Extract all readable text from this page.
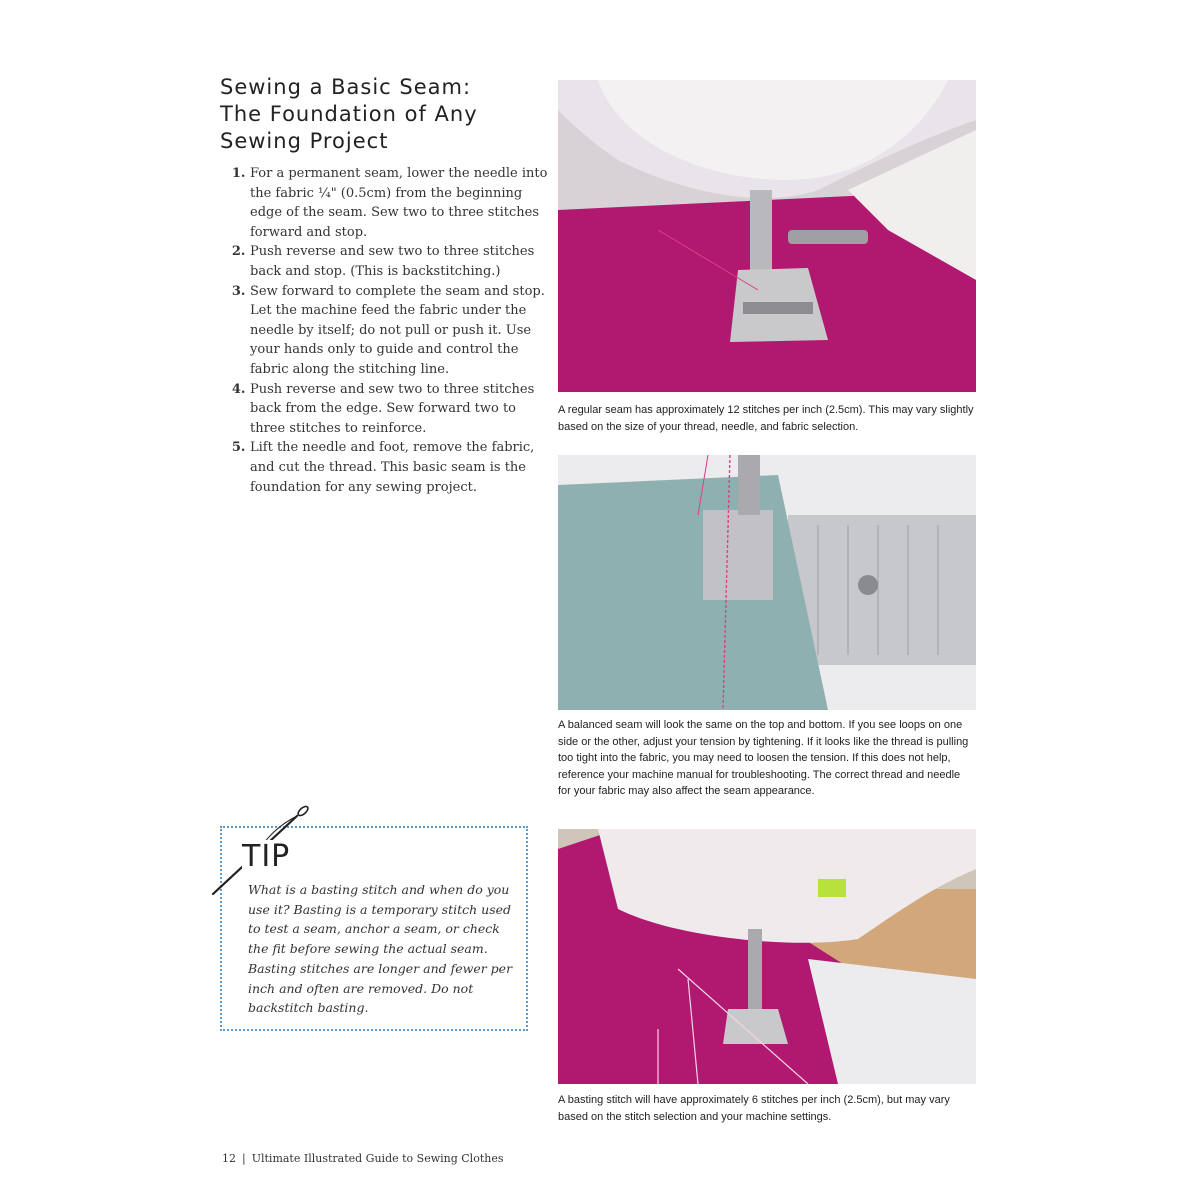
Sewing a Basic Seam:
The Foundation of Any
Sewing Project
1. For a permanent seam, lower the needle into the fabric ¼" (0.5cm) from the beginning edge of the seam. Sew two to three stitches forward and stop.
2. Push reverse and sew two to three stitches back and stop. (This is backstitching.)
3. Sew forward to complete the seam and stop. Let the machine feed the fabric under the needle by itself; do not pull or push it. Use your hands only to guide and control the fabric along the stitching line.
4. Push reverse and sew two to three stitches back from the edge. Sew forward two to three stitches to reinforce.
5. Lift the needle and foot, remove the fabric, and cut the thread. This basic seam is the foundation for any sewing project.

A regular seam has approximately 12 stitches per inch (2.5cm). This may vary slightly based on the size of your thread, needle, and fabric selection.

A balanced seam will look the same on the top and bottom. If you see loops on one side or the other, adjust your tension by tightening. If it looks like the thread is pulling too tight into the fabric, you may need to loosen the tension. If this does not help, reference your machine manual for troubleshooting. The correct thread and needle for your fabric may also affect the seam appearance.

A basting stitch will have approximately 6 stitches per inch (2.5cm), but may vary based on the stitch selection and your machine settings.

TIP

What is a basting stitch and when do you use it? Basting is a temporary stitch used to test a seam, anchor a seam, or check the fit before sewing the actual seam. Basting stitches are longer and fewer per inch and often are removed. Do not backstitch basting.

12 | Ultimate Illustrated Guide to Sewing Clothes
